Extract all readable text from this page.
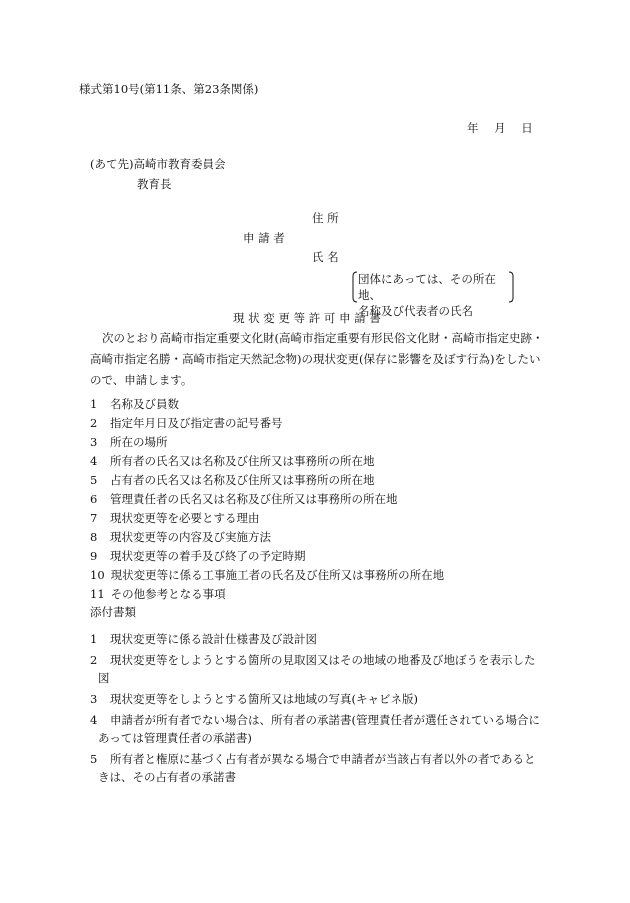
様式第10号(第11条、第23条関係)
年 月 日
(あて先)高崎市教育委員会
教育長
住 所
申 請 者
氏 名
団体にあっては、その所在地、
名称及び代表者の氏名
現 状 変 更 等 許 可 申 請 書
次のとおり高崎市指定重要文化財(高崎市指定重要有形民俗文化財・高崎市指定史跡・
高崎市指定名勝・高崎市指定天然記念物)の現状変更(保存に影響を及ぼす行為)をしたい
ので、申請します。
1 名称及び員数
2 指定年月日及び指定書の記号番号
3 所在の場所
4 所有者の氏名又は名称及び住所又は事務所の所在地
5 占有者の氏名又は名称及び住所又は事務所の所在地
6 管理責任者の氏名又は名称及び住所又は事務所の所在地
7 現状変更等を必要とする理由
8 現状変更等の内容及び実施方法
9 現状変更等の着手及び終了の予定時期
10 現状変更等に係る工事施工者の氏名及び住所又は事務所の所在地
11 その他参考となる事項
添付書類
1 現状変更等に係る設計仕様書及び設計図
2 現状変更等をしようとする箇所の見取図又はその地域の地番及び地ぼうを表示した
図
3 現状変更等をしようとする箇所又は地域の写真(キャビネ版)
4 申請者が所有者でない場合は、所有者の承諾書(管理責任者が選任されている場合に
あっては管理責任者の承諾書)
5 所有者と権原に基づく占有者が異なる場合で申請者が当該占有者以外の者であると
きは、その占有者の承諾書
